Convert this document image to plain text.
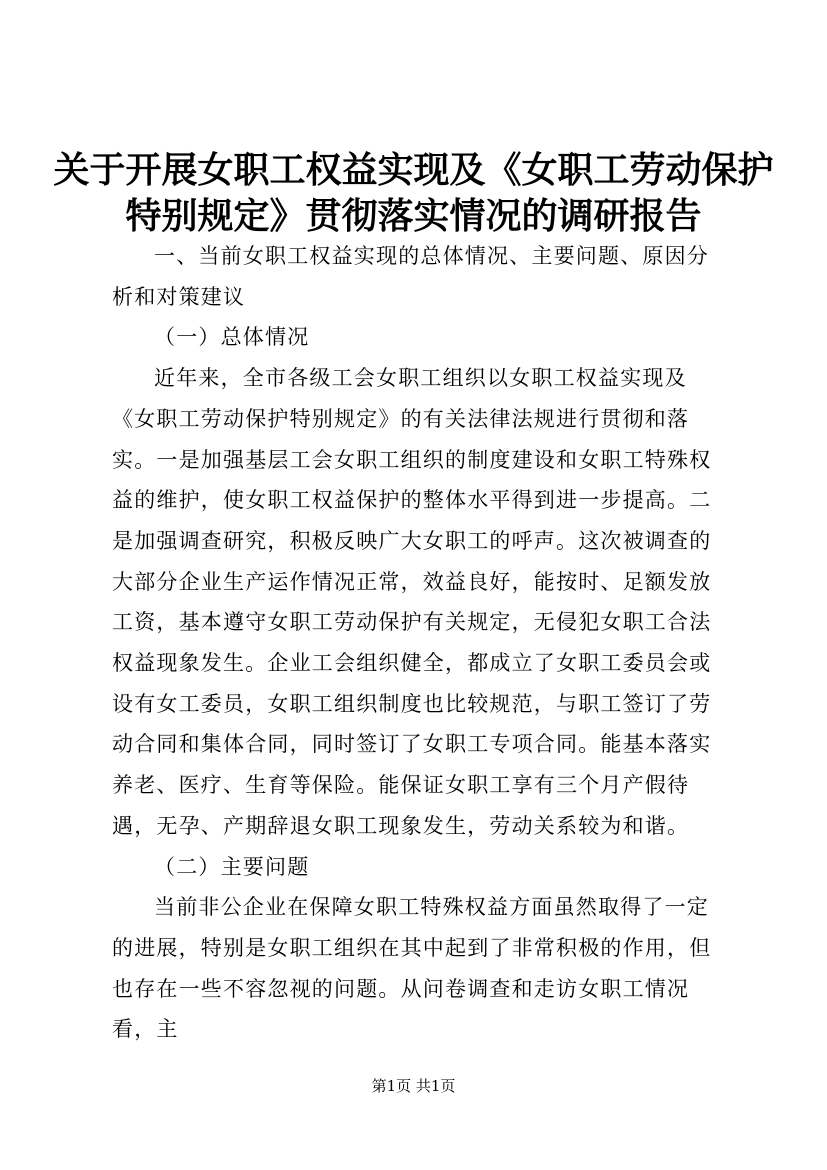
关于开展女职工权益实现及《女职工劳动保护
特别规定》贯彻落实情况的调研报告

一、当前女职工权益实现的总体情况、主要问题、原因分析和对策建议

（一）总体情况

近年来，全市各级工会女职工组织以女职工权益实现及《女职工劳动保护特别规定》的有关法律法规进行贯彻和落实。一是加强基层工会女职工组织的制度建设和女职工特殊权益的维护，使女职工权益保护的整体水平得到进一步提高。二是加强调查研究，积极反映广大女职工的呼声。这次被调查的大部分企业生产运作情况正常，效益良好，能按时、足额发放工资，基本遵守女职工劳动保护有关规定，无侵犯女职工合法权益现象发生。企业工会组织健全，都成立了女职工委员会或设有女工委员，女职工组织制度也比较规范，与职工签订了劳动合同和集体合同，同时签订了女职工专项合同。能基本落实养老、医疗、生育等保险。能保证女职工享有三个月产假待遇，无孕、产期辞退女职工现象发生，劳动关系较为和谐。

（二）主要问题

当前非公企业在保障女职工特殊权益方面虽然取得了一定的进展，特别是女职工组织在其中起到了非常积极的作用，但也存在一些不容忽视的问题。从问卷调查和走访女职工情况看，主

第1页 共1页
